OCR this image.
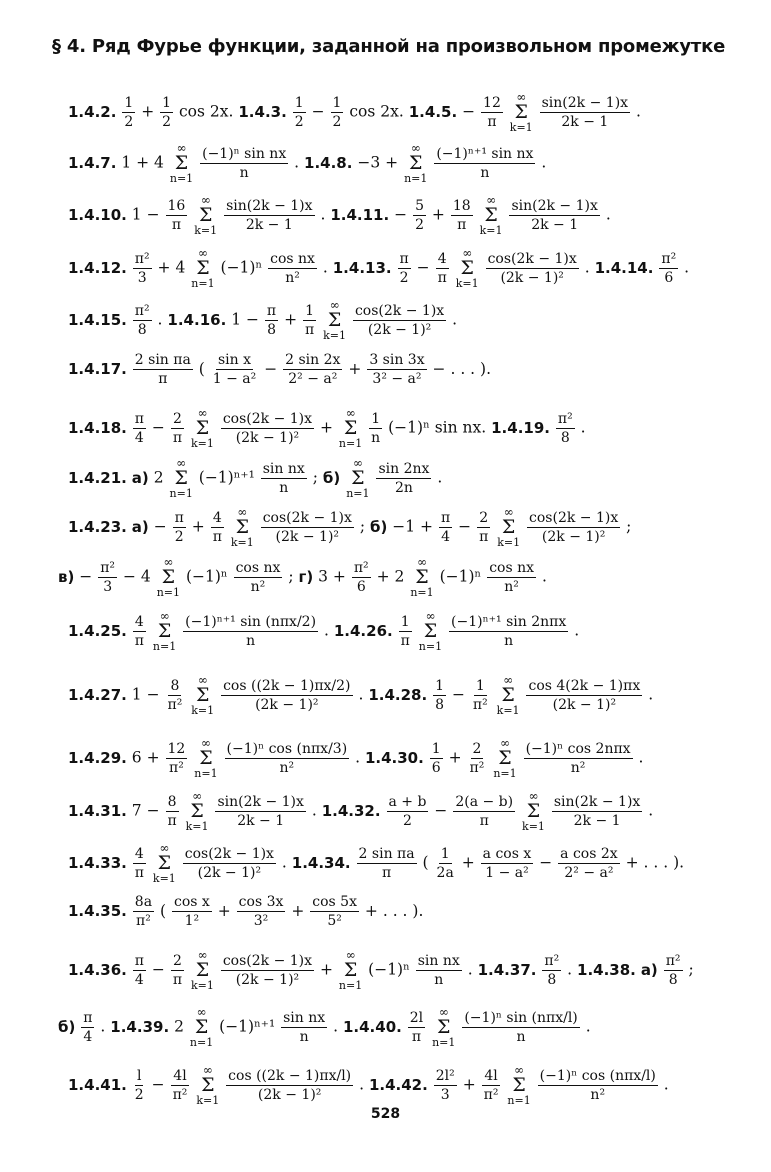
§ 4. Ряд Фурье функции, заданной на произвольном промежутке
1.4.2. $\frac{1}{2} + \frac{1}{2}$ cos 2x. 1.4.3. $\frac{1}{2} - \frac{1}{2}$ cos 2x. 1.4.5. − $\frac{12}{\pi}$
∞
Σ
k=1
$\frac{\sin(2k - 1)x}{2k - 1}$ .
1.4.7. 1 + 4
∞
Σ
n=1
$\frac{\text{(−1)ⁿ sin nx}}{n}$ . 1.4.8. −3 +
∞
Σ
n=1
$\frac{\text{(−1)ⁿ⁺¹ sin nx}}{n}$ .
1.4.10. $1 - \frac{16}{\pi}$
∞
Σ
k=1
$\frac{\sin(2k - 1)x}{2k - 1}$ . 1.4.11. − $\frac{5}{2} + \frac{18}{\pi}$
∞
Σ
k=1
$\frac{\sin(2k - 1)x}{2k - 1}$ .
1.4.12. $\frac{\text{π²}}{3} + 4$
∞
Σ
n=1
$(-1)^n \frac{\text{cos nx}}{\text{n²}}$ . 1.4.13. $\frac{\pi}{2} - \frac{4}{\pi}$
∞
Σ
k=1
$\frac{\cos(2k - 1)x}{\text{(2k − 1)²}}$ . 1.4.14. $\frac{\text{π²}}{6}$ .
1.4.15. $\frac{\text{π²}}{8}$ . 1.4.16. $1 - \frac{\pi}{8} + \frac{1}{\pi}$
∞
Σ
k=1
$\frac{\cos(2k - 1)x}{\text{(2k − 1)²}}$ .
1.4.17. $\frac{\text{2 sin πa}}{\pi}$ ( $\frac{\text{sin x}}{\text{1 − a²}} - \frac{2 \sin 2x}{\text{2² − a²}} + \frac{3 \sin 3x}{\text{3² − a²}}$ − . . . ).
1.4.18. $\frac{\pi}{4} - \frac{2}{\pi}$
∞
Σ
k=1
$\frac{\cos(2k - 1)x}{\text{(2k − 1)²}}$ +
∞
Σ
n=1
$\frac{1}{n} (-1)^n$ sin nx. 1.4.19. $\frac{\text{π²}}{8}$ .
1.4.21. а) 2
∞
Σ
n=1
$(-1)^{n+1} \frac{\text{sin nx}}{n}$ ; б)
∞
Σ
n=1
$\frac{\sin 2nx}{2n}$ .
1.4.23. $а) - \frac{\pi}{2} + \frac{4}{\pi}$
∞
Σ
k=1
$\frac{\cos(2k - 1)x}{\text{(2k − 1)²}}$ ; $б) -1 + \frac{\pi}{4} - \frac{2}{\pi}$
∞
Σ
k=1
$\frac{\cos(2k - 1)x}{\text{(2k − 1)²}}$ ;
$в) - \frac{\text{π²}}{3} - 4$
∞
Σ
n=1
$(-1)^n \frac{\text{cos nx}}{\text{n²}}$ ; г) $3 + \frac{\text{π²}}{6} + 2$
∞
Σ
n=1
$(-1)^n \frac{\text{cos nx}}{\text{n²}}$ .
1.4.25. $\frac{4}{\pi}$
∞
Σ
n=1

(−1)ⁿ⁺¹ sin (nπx/2)
n
. 1.4.26. $\frac{1}{\pi}$
∞
Σ
n=1

(−1)ⁿ⁺¹ sin 2nπx
n
.
1.4.27. $1 - \frac{8}{\text{π²}}$
∞
Σ
k=1
$\frac{\cos ((2k - 1)\pi x/2)}{\text{(2k − 1)²}}$ . 1.4.28. $\frac{1}{8} - \frac{1}{\text{π²}}$
∞
Σ
k=1
$\frac{\cos 4(2k - 1)\pi x}{\text{(2k − 1)²}}$ .
1.4.29. $6 + \frac{12}{\text{π²}}$
∞
Σ
n=1

(−1)ⁿ cos (nπx/3)
n²
. 1.4.30. $\frac{1}{6} + \frac{2}{\text{π²}}$
∞
Σ
n=1

(−1)ⁿ cos 2nπx
n²
.
1.4.31. $7 - \frac{8}{\pi}$
∞
Σ
k=1
$\frac{\sin(2k - 1)x}{2k - 1}$ . 1.4.32. $\frac{a + b}{2} - \frac{2(a - b)}{\pi}$
∞
Σ
k=1
$\frac{\sin(2k - 1)x}{2k - 1}$ .
1.4.33. $\frac{4}{\pi}$
∞
Σ
k=1
$\frac{\cos(2k - 1)x}{\text{(2k − 1)²}}$ . 1.4.34. $\frac{\text{2 sin πa}}{\pi}$ ( $\frac{1}{2a} + \frac{\text{a cos x}}{\text{1 − a²}} - \frac{\text{a cos 2x}}{\text{2² − a²}}$ + . . . ).
1.4.35. $\frac{8a}{\text{π²}}$ ( $\frac{\text{cos x}}{\text{1²}} + \frac{\cos 3x}{\text{3²}} + \frac{\cos 5x}{\text{5²}}$ + . . . ).
1.4.36. $\frac{\pi}{4} - \frac{2}{\pi}$
∞
Σ
k=1
$\frac{\cos(2k - 1)x}{\text{(2k − 1)²}}$ +
∞
Σ
n=1
$(-1)^n \frac{\text{sin nx}}{n}$ . 1.4.37. $\frac{\text{π²}}{8}$ . 1.4.38. $а) \frac{\text{π²}}{8}$ ;
$б) \frac{\pi}{4}$ . 1.4.39. 2
∞
Σ
n=1
$(-1)^{n+1} \frac{\text{sin nx}}{n}$ . 1.4.40. $\frac{2l}{\pi}$
∞
Σ
n=1

(−1)ⁿ sin (nπx/l)
n
.
1.4.41. $\frac{l}{2} - \frac{4l}{\text{π²}}$
∞
Σ
k=1
$\frac{\cos ((2k - 1)\pi x/l)}{\text{(2k − 1)²}}$ . 1.4.42. $\frac{\text{2l²}}{3} + \frac{4l}{\text{π²}}$
∞
Σ
n=1

(−1)ⁿ cos (nπx/l)
n²
.
528
